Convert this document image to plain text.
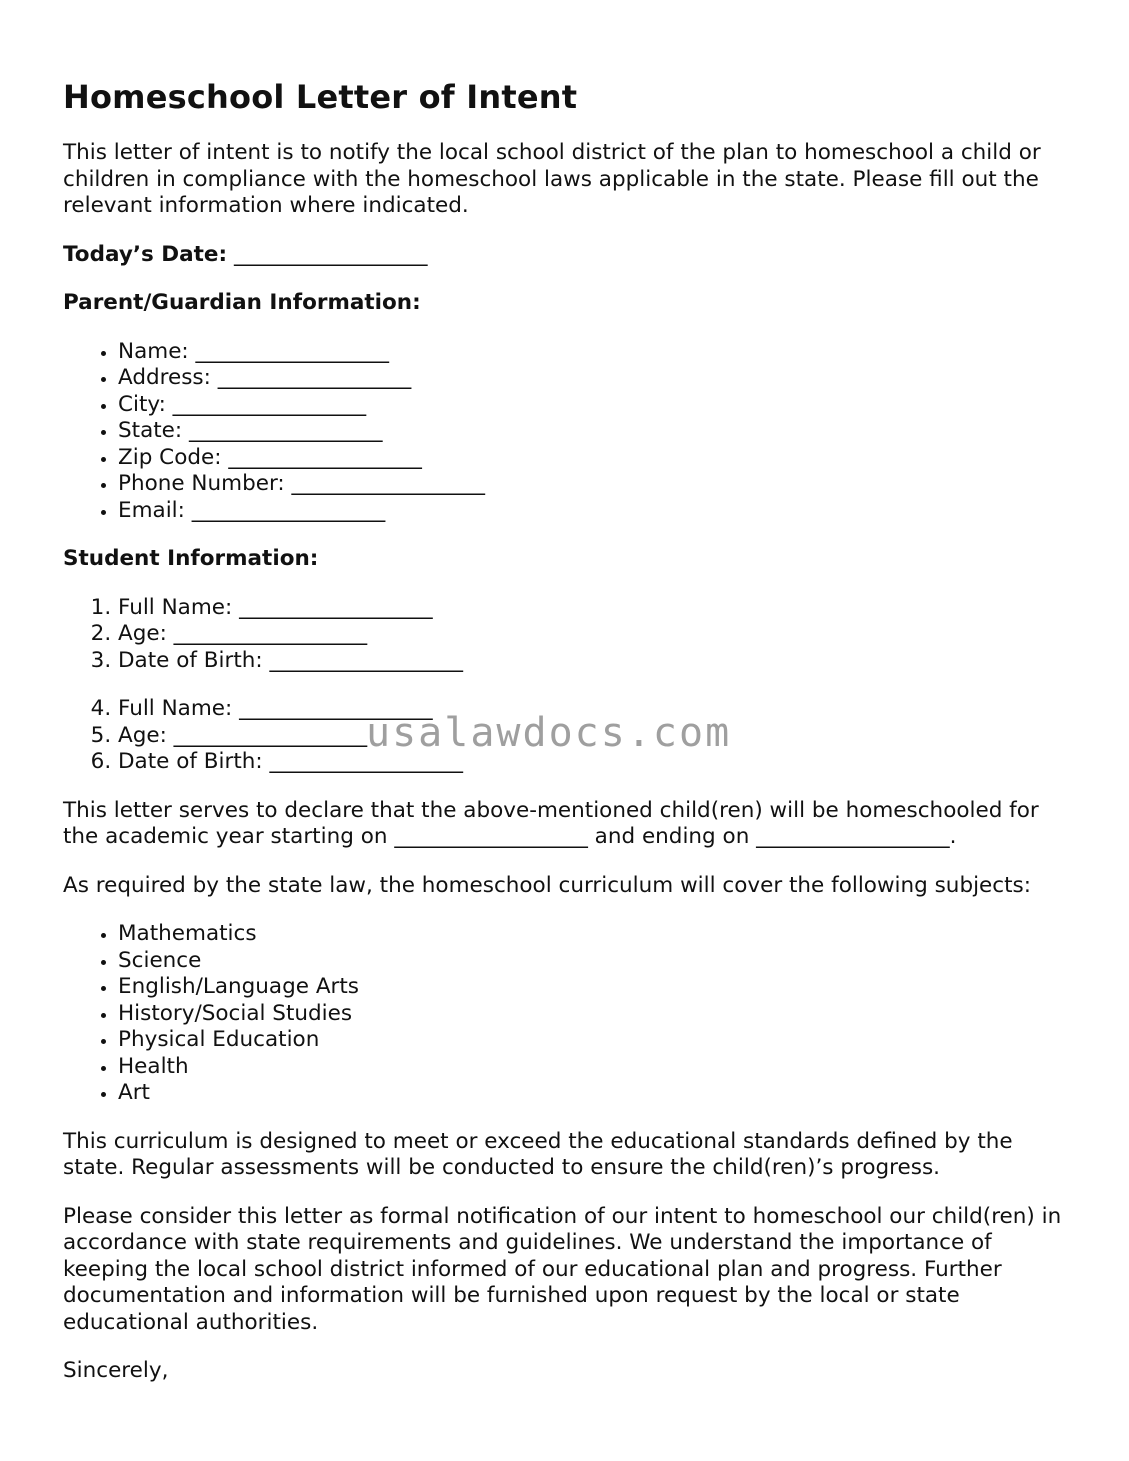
Homeschool Letter of Intent

This letter of intent is to notify the local school district of the plan to homeschool a child or children in compliance with the homeschool laws applicable in the state. Please fill out the relevant information where indicated.

Today’s Date: __________________

Parent/Guardian Information:

• Name: __________________
• Address: __________________
• City: __________________
• State: __________________
• Zip Code: __________________
• Phone Number: __________________
• Email: __________________

Student Information:

1. Full Name: __________________
2. Age: __________________
3. Date of Birth: __________________
4. Full Name: __________________
5. Age: __________________
6. Date of Birth: __________________

This letter serves to declare that the above-mentioned child(ren) will be homeschooled for the academic year starting on __________________ and ending on __________________.

As required by the state law, the homeschool curriculum will cover the following subjects:

• Mathematics
• Science
• English/Language Arts
• History/Social Studies
• Physical Education
• Health
• Art

This curriculum is designed to meet or exceed the educational standards defined by the state. Regular assessments will be conducted to ensure the child(ren)’s progress.

Please consider this letter as formal notification of our intent to homeschool our child(ren) in accordance with state requirements and guidelines. We understand the importance of keeping the local school district informed of our educational plan and progress. Further documentation and information will be furnished upon request by the local or state educational authorities.

Sincerely,

usalawdocs.com
